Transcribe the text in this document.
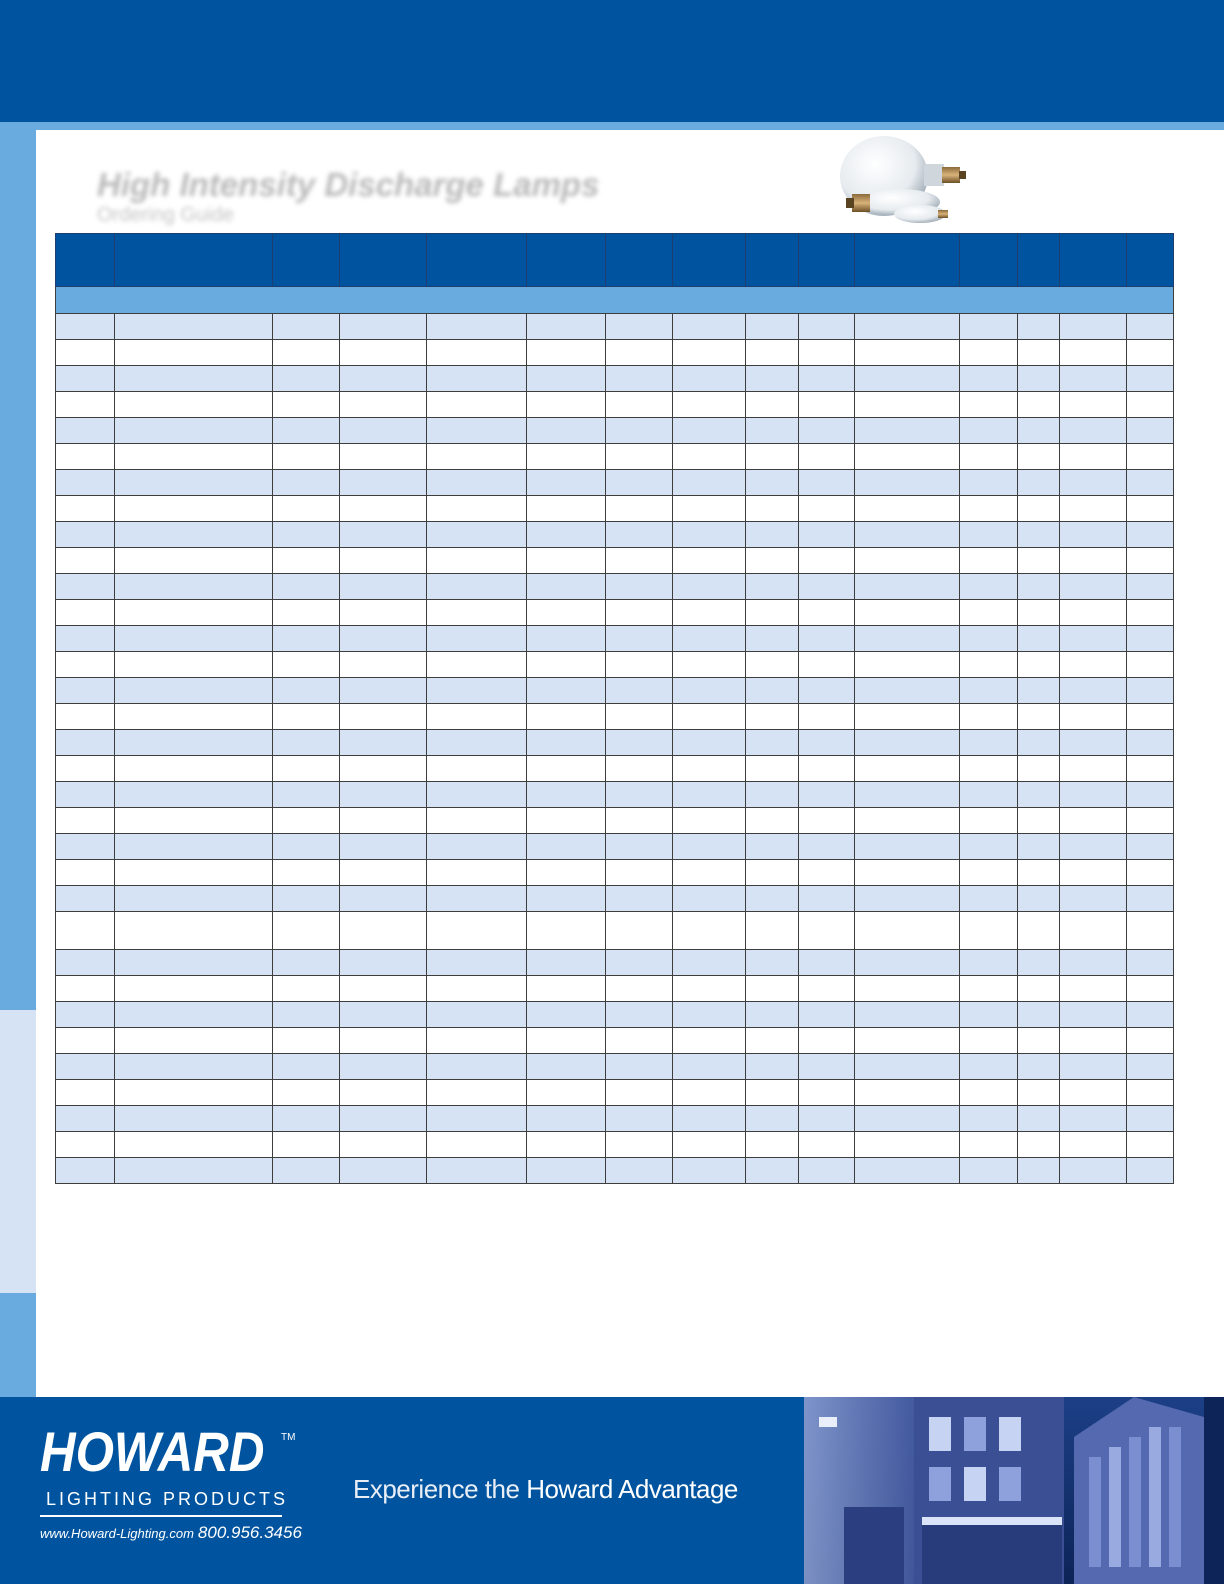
High Intensity Discharge Lamps
Ordering Guide

HOWARD TM
LIGHTING PRODUCTS
www.Howard-Lighting.com 800.956.3456
Experience the Howard Advantage
